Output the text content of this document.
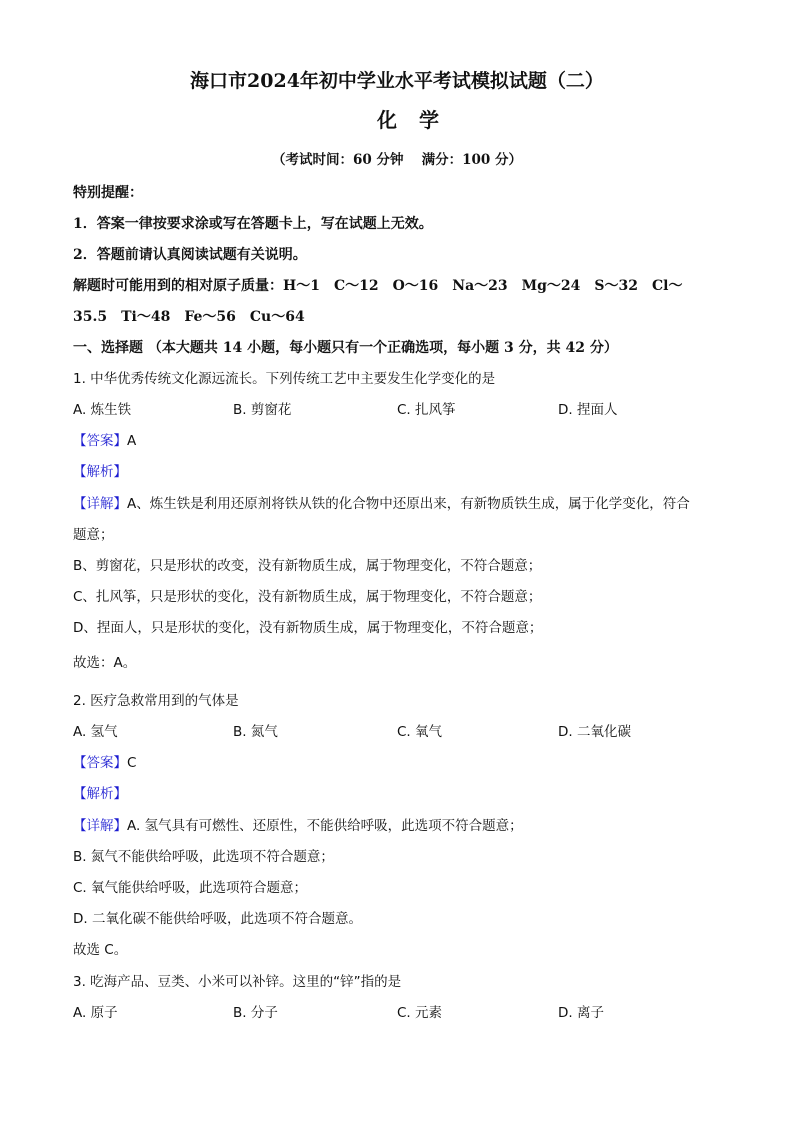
海口市2024年初中学业水平考试模拟试题（二）
化学
（考试时间：60 分钟　 满分：100 分）
特别提醒：
1．答案一律按要求涂或写在答题卡上，写在试题上无效。
2．答题前请认真阅读试题有关说明。
解题时可能用到的相对原子质量：H～1　C～12　O～16　Na～23　Mg～24　S～32　Cl～
35.5　Ti～48　Fe～56　Cu～64
一、选择题 （本大题共 14 小题，每小题只有一个正确选项，每小题 3 分，共 42 分）
1. 中华优秀传统文化源远流长。下列传统工艺中主要发生化学变化的是
A. 炼生铁	B. 剪窗花	C. 扎风筝	D. 捏面人
【答案】A
【解析】
【详解】A、炼生铁是利用还原剂将铁从铁的化合物中还原出来，有新物质铁生成，属于化学变化，符合
题意；
B、剪窗花，只是形状的改变，没有新物质生成，属于物理变化，不符合题意；
C、扎风筝，只是形状的变化，没有新物质生成，属于物理变化，不符合题意；
D、捏面人，只是形状的变化，没有新物质生成，属于物理变化，不符合题意；
故选：A。
2. 医疗急救常用到的气体是
A. 氢气	B. 氮气	C. 氧气	D. 二氧化碳
【答案】C
【解析】
【详解】A. 氢气具有可燃性、还原性，不能供给呼吸，此选项不符合题意；
B. 氮气不能供给呼吸，此选项不符合题意；
C. 氧气能供给呼吸，此选项符合题意；
D. 二氧化碳不能供给呼吸，此选项不符合题意。
故选 C。
3. 吃海产品、豆类、小米可以补锌。这里的“锌”指的是
A. 原子	B. 分子	C. 元素	D. 离子
